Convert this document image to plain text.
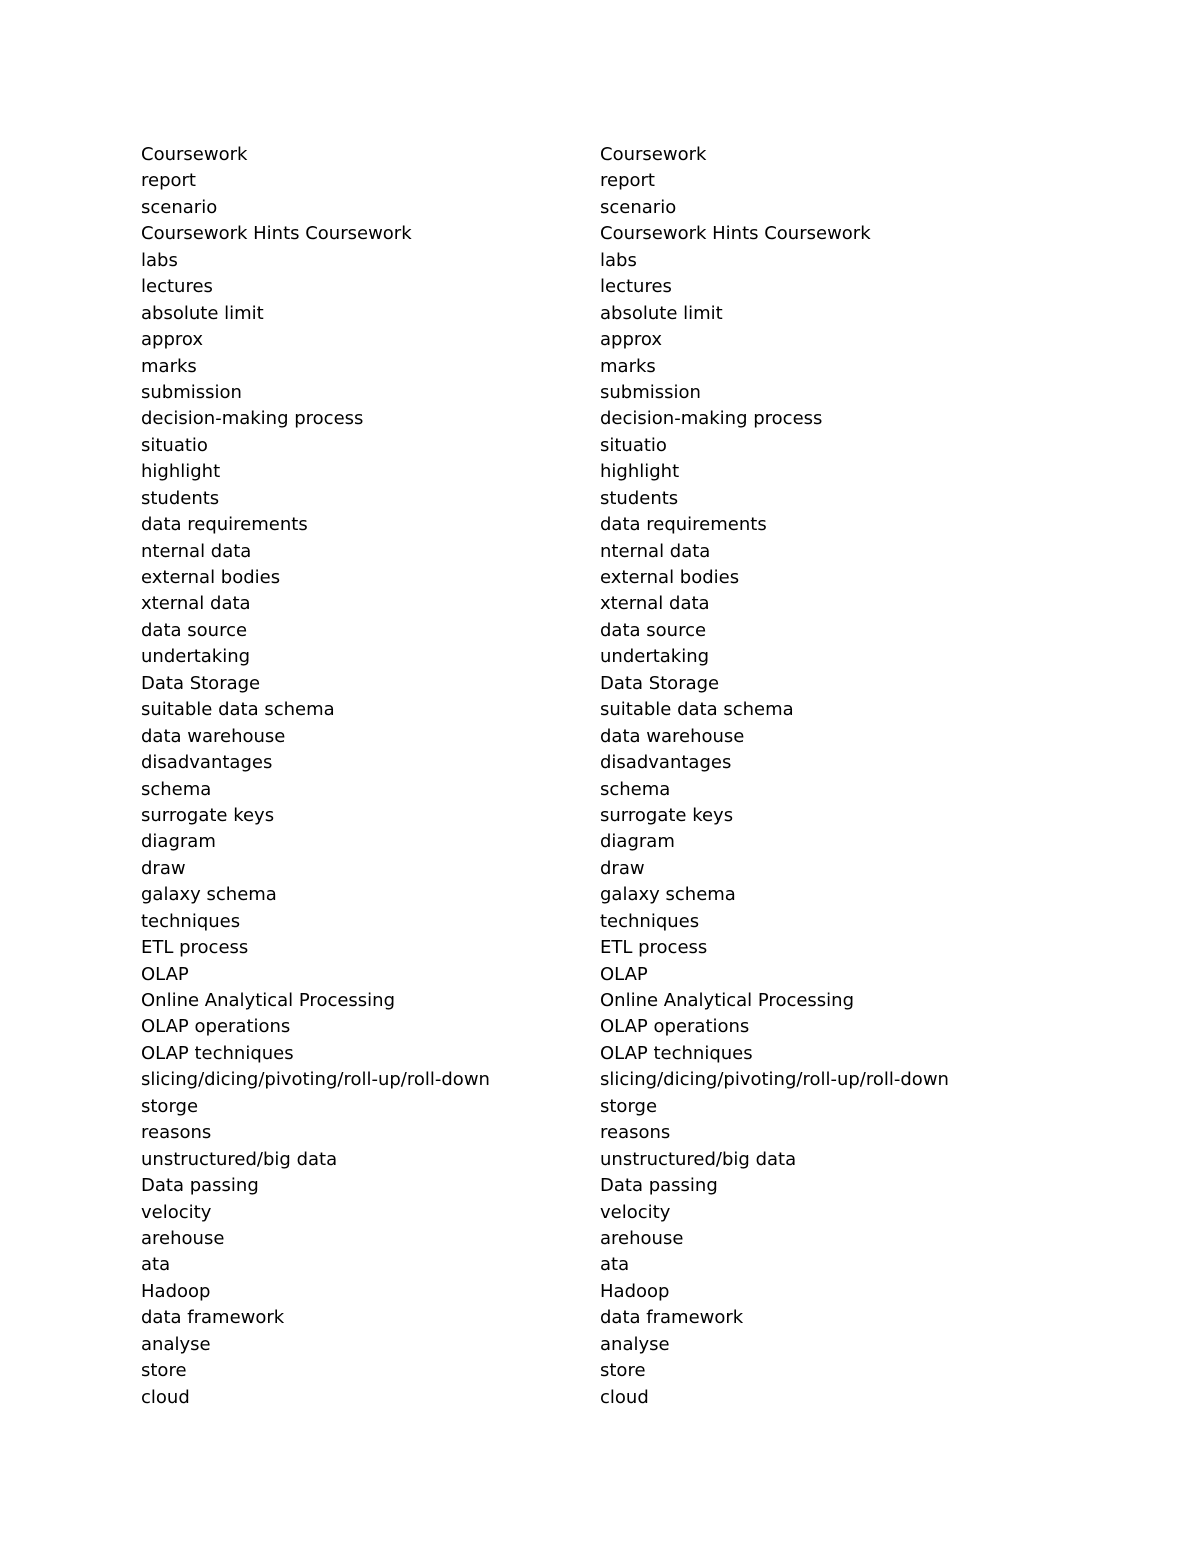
Coursework
report
scenario
Coursework Hints Coursework
labs
lectures
absolute limit
approx
marks
submission
decision-making process
situatio
highlight
students
data requirements
nternal data
external bodies
xternal data
data source
undertaking
Data Storage
suitable data schema
data warehouse
disadvantages
schema
surrogate keys
diagram
draw
galaxy schema
techniques
ETL process
OLAP
Online Analytical Processing
OLAP operations
OLAP techniques
slicing/dicing/pivoting/roll-up/roll-down
storge
reasons
unstructured/big data
Data passing
velocity
arehouse
ata
Hadoop
data framework
analyse
store
cloud
Coursework
report
scenario
Coursework Hints Coursework
labs
lectures
absolute limit
approx
marks
submission
decision-making process
situatio
highlight
students
data requirements
nternal data
external bodies
xternal data
data source
undertaking
Data Storage
suitable data schema
data warehouse
disadvantages
schema
surrogate keys
diagram
draw
galaxy schema
techniques
ETL process
OLAP
Online Analytical Processing
OLAP operations
OLAP techniques
slicing/dicing/pivoting/roll-up/roll-down
storge
reasons
unstructured/big data
Data passing
velocity
arehouse
ata
Hadoop
data framework
analyse
store
cloud
